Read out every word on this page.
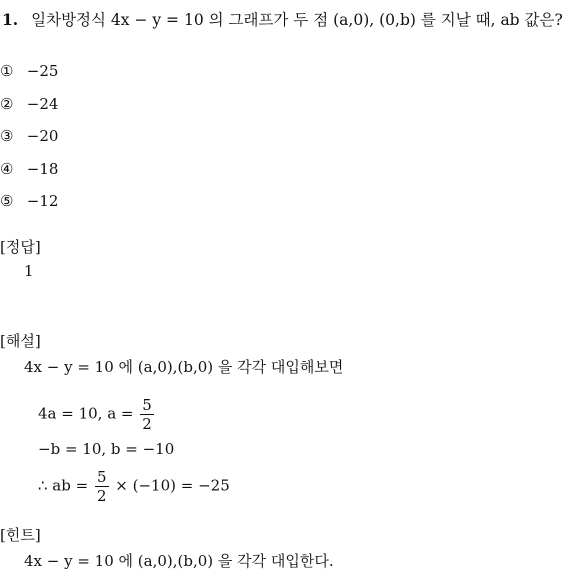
1. 일차방정식 4x − y = 10 의 그래프가 두 점 (a,0), (0,b) 를 지날 때, ab 값은?
① −25
② −24
③ −20
④ −18
⑤ −12
[정답]
1
[해설]
4x − y = 10 에 (a,0),(b,0) 을 각각 대입해보면
4a = 10, $a = \frac{5}{2}$
−b = 10, b = −10
∴ ab = $\frac{5}{2} \times (-10) = -25$
[힌트]
4x − y = 10 에 (a,0),(b,0) 을 각각 대입한다.
